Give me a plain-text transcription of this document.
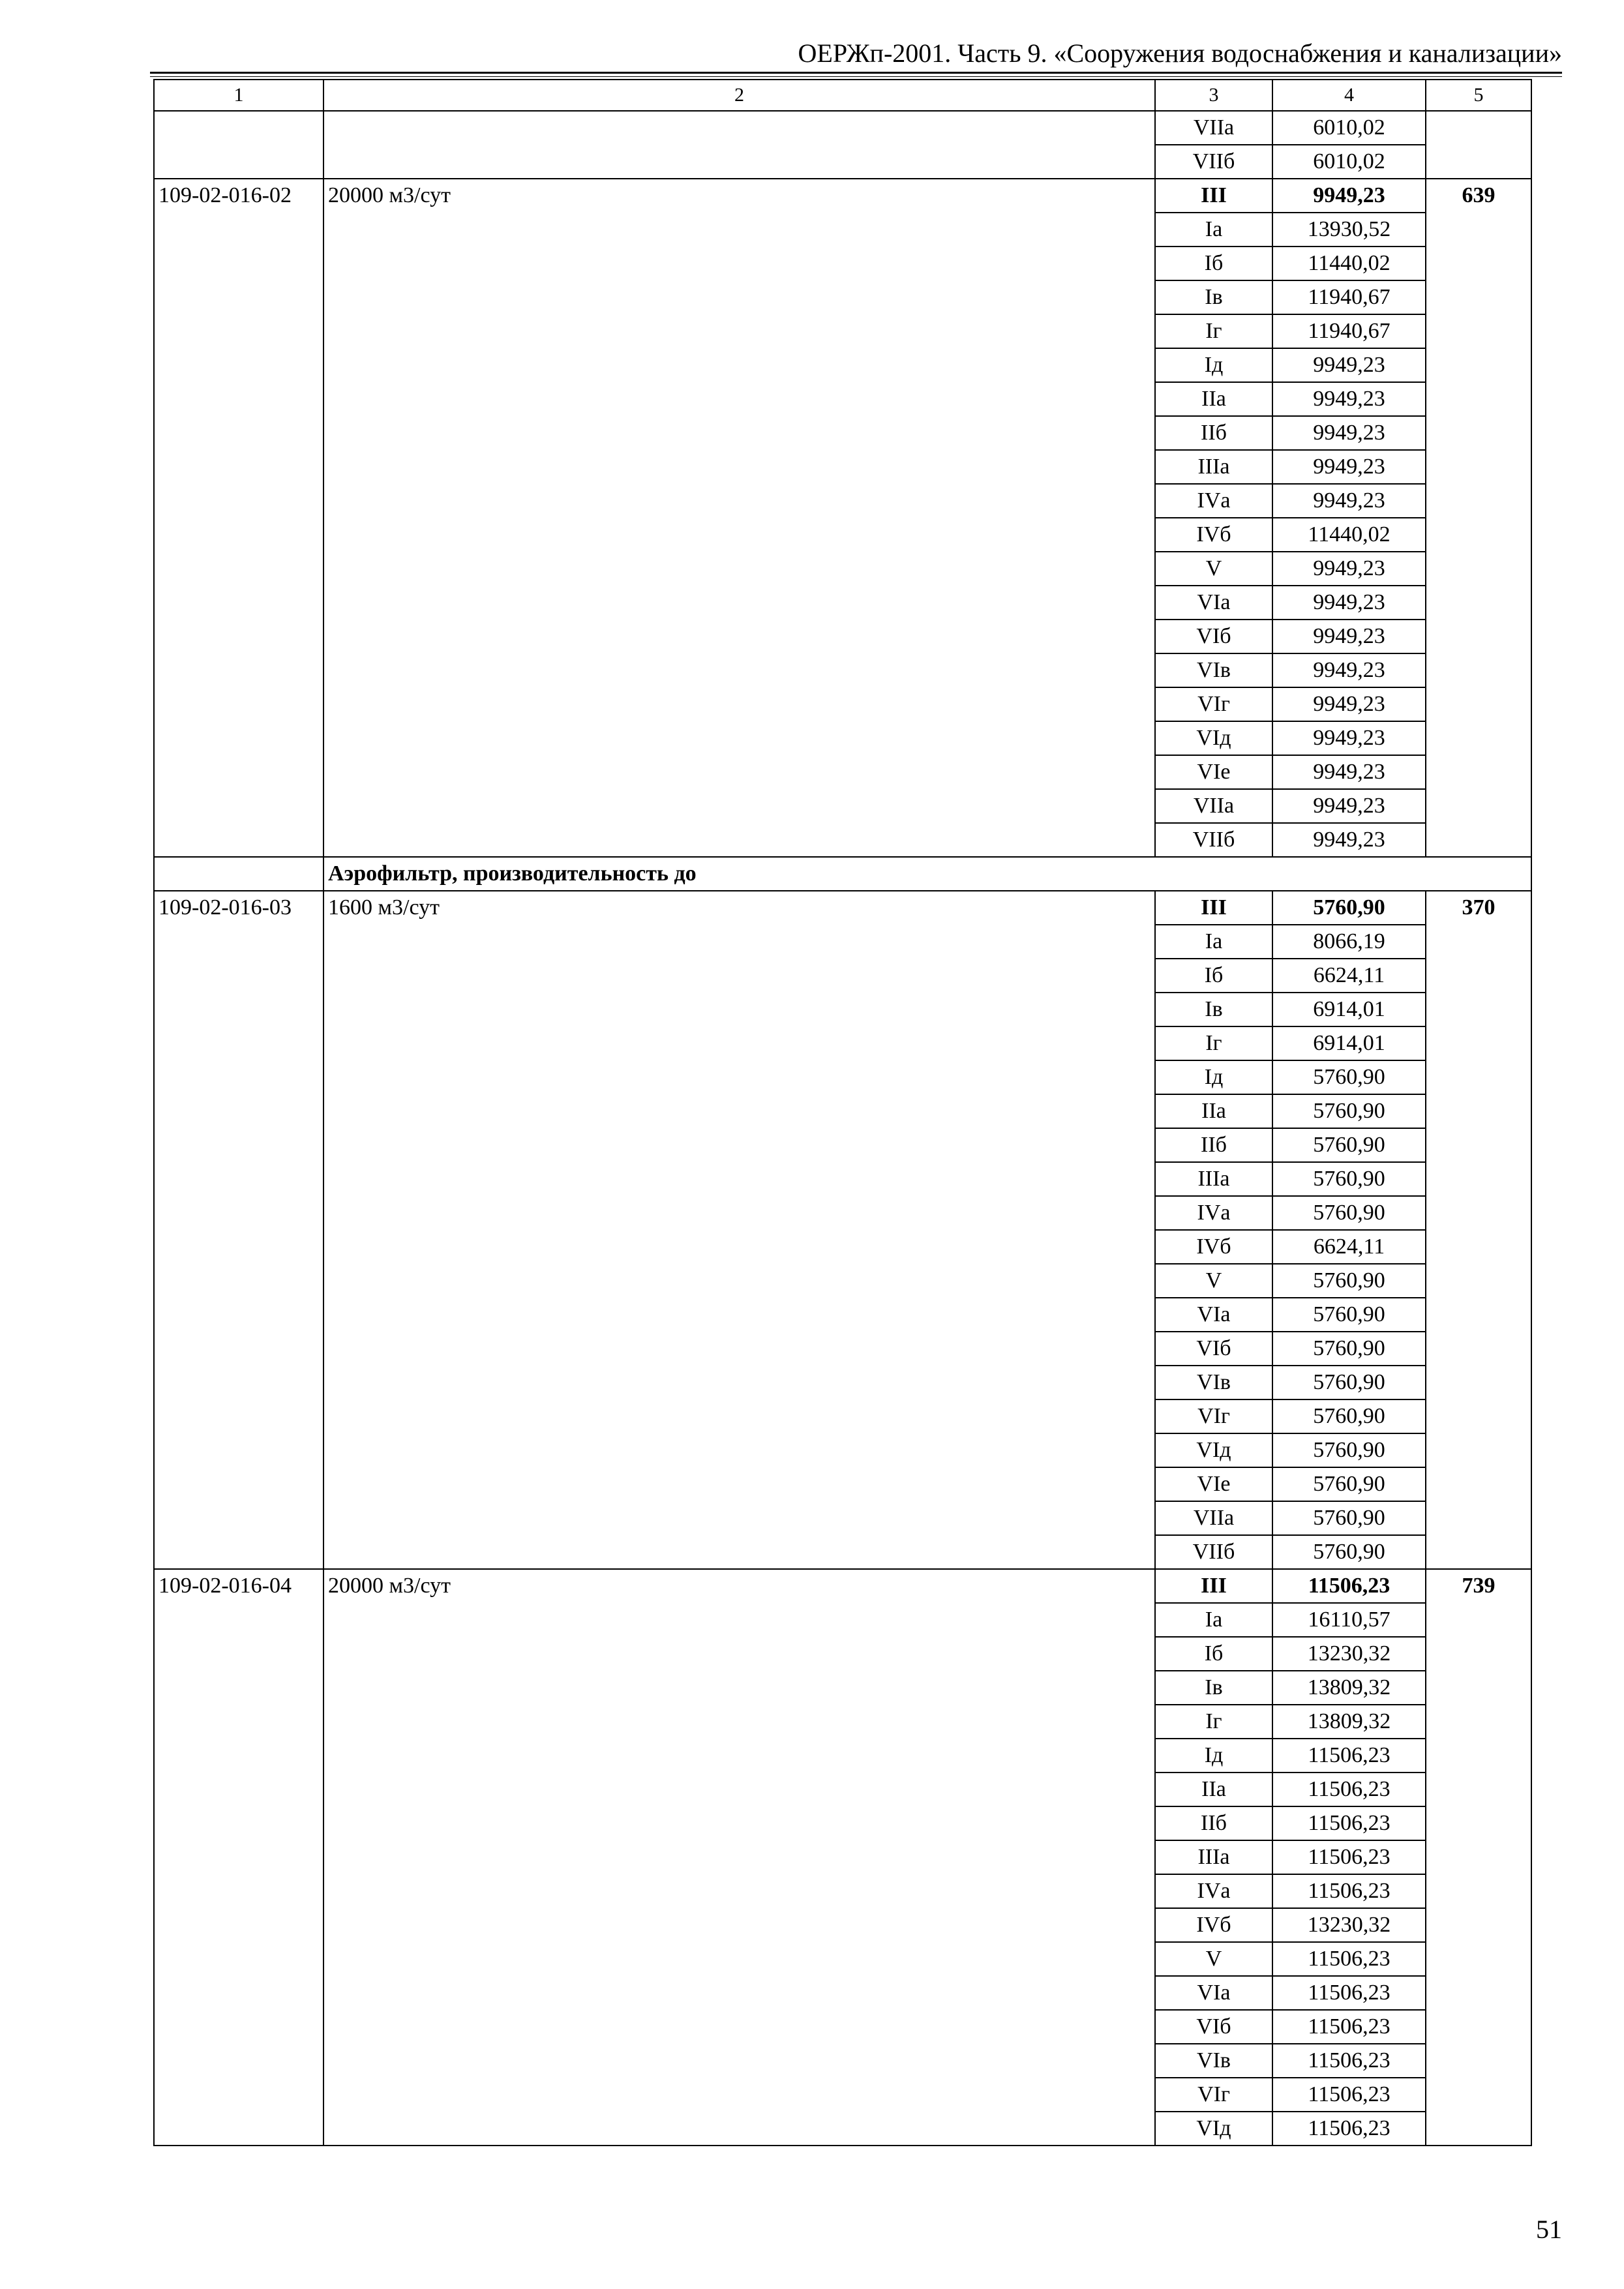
ОЕРЖп-2001. Часть 9. «Сооружения водоснабжения и канализации»
1	2	3	4	5
		VIIа	6010,02	
		VIIб	6010,02	
109-02-016-02	20000 м3/сут	III	9949,23	639
		Iа	13930,52	
		Iб	11440,02	
		Iв	11940,67	
		Iг	11940,67	
		Iд	9949,23	
		IIа	9949,23	
		IIб	9949,23	
		IIIа	9949,23	
		IVа	9949,23	
		IVб	11440,02	
		V	9949,23	
		VIа	9949,23	
		VIб	9949,23	
		VIв	9949,23	
		VIг	9949,23	
		VIд	9949,23	
		VIе	9949,23	
		VIIа	9949,23	
		VIIб	9949,23	
	Аэрофильтр, производительность до			
109-02-016-03	1600 м3/сут	III	5760,90	370
		Iа	8066,19	
		Iб	6624,11	
		Iв	6914,01	
		Iг	6914,01	
		Iд	5760,90	
		IIа	5760,90	
		IIб	5760,90	
		IIIа	5760,90	
		IVа	5760,90	
		IVб	6624,11	
		V	5760,90	
		VIа	5760,90	
		VIб	5760,90	
		VIв	5760,90	
		VIг	5760,90	
		VIд	5760,90	
		VIе	5760,90	
		VIIа	5760,90	
		VIIб	5760,90	
109-02-016-04	20000 м3/сут	III	11506,23	739
		Iа	16110,57	
		Iб	13230,32	
		Iв	13809,32	
		Iг	13809,32	
		Iд	11506,23	
		IIа	11506,23	
		IIб	11506,23	
		IIIа	11506,23	
		IVа	11506,23	
		IVб	13230,32	
		V	11506,23	
		VIа	11506,23	
		VIб	11506,23	
		VIв	11506,23	
		VIг	11506,23	
		VIд	11506,23	
51
